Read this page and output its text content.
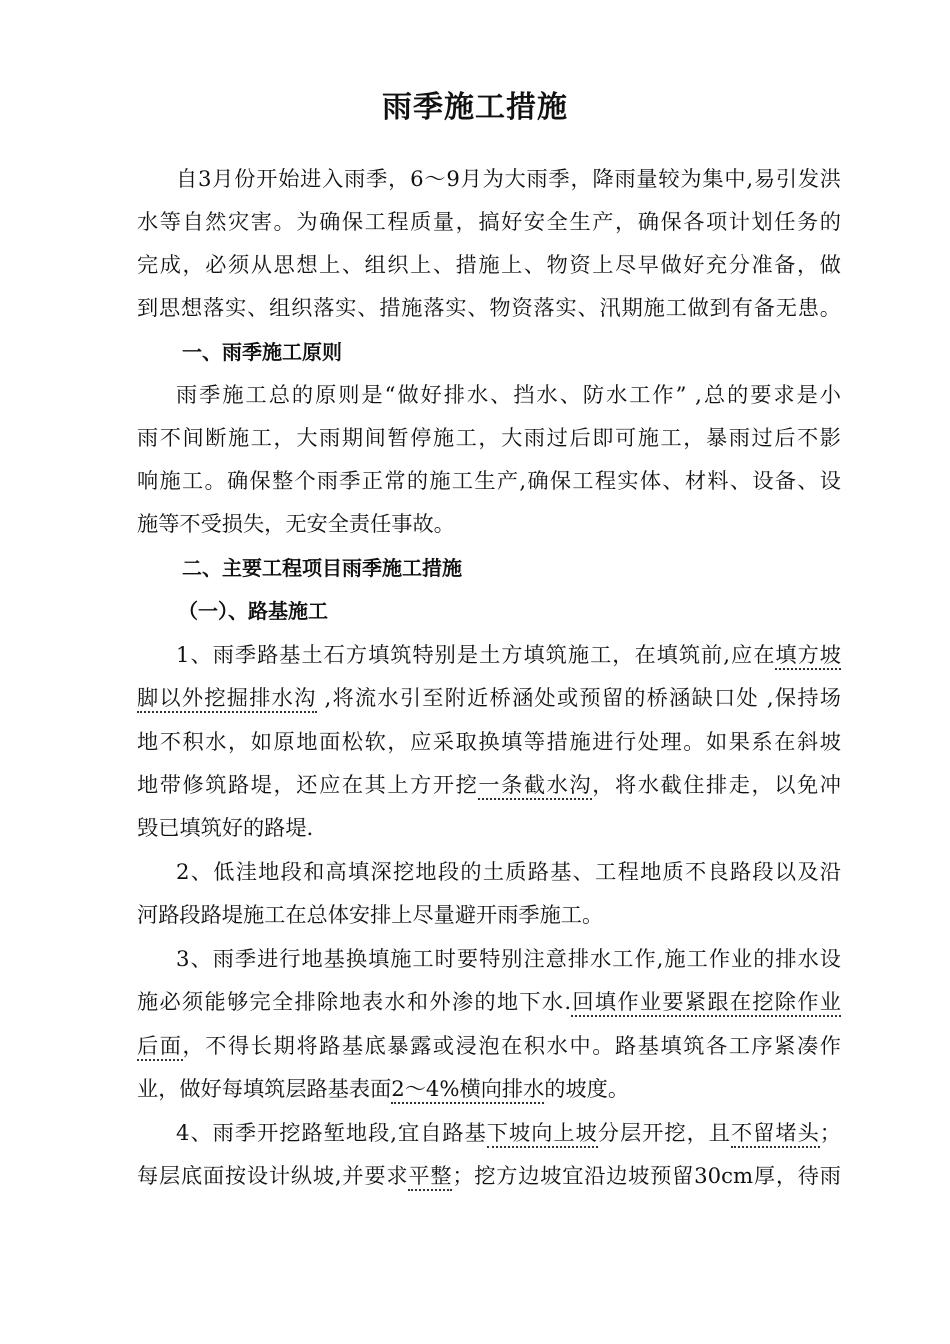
雨季施工措施
自3月份开始进入雨季，6～9月为大雨季，降雨量较为集中,易引发洪
水等自然灾害。为确保工程质量，搞好安全生产，确保各项计划任务的
完成，必须从思想上、组织上、措施上、物资上尽早做好充分准备，做
到思想落实、组织落实、措施落实、物资落实、汛期施工做到有备无患。
一、雨季施工原则
雨季施工总的原则是“做好排水、挡水、防水工作” ,总的要求是小
雨不间断施工，大雨期间暂停施工，大雨过后即可施工，暴雨过后不影
响施工。确保整个雨季正常的施工生产,确保工程实体、材料、设备、设
施等不受损失，无安全责任事故。
二、主要工程项目雨季施工措施
（一）、路基施工
1、雨季路基土石方填筑特别是土方填筑施工，在填筑前,应在填方坡
脚以外挖掘排水沟 ,将流水引至附近桥涵处或预留的桥涵缺口处 ,保持场
地不积水，如原地面松软，应采取换填等措施进行处理。如果系在斜坡
地带修筑路堤，还应在其上方开挖一条截水沟，将水截住排走，以免冲
毁已填筑好的路堤.
2、低洼地段和高填深挖地段的土质路基、工程地质不良路段以及沿
河路段路堤施工在总体安排上尽量避开雨季施工。
3、雨季进行地基换填施工时要特别注意排水工作,施工作业的排水设
施必须能够完全排除地表水和外渗的地下水.回填作业要紧跟在挖除作业
后面，不得长期将路基底暴露或浸泡在积水中。路基填筑各工序紧凑作
业，做好每填筑层路基表面2～4%横向排水的坡度。
4、雨季开挖路堑地段,宜自路基下坡向上坡分层开挖，且不留堵头；
每层底面按设计纵坡,并要求平整；挖方边坡宜沿边坡预留30cm厚，待雨
